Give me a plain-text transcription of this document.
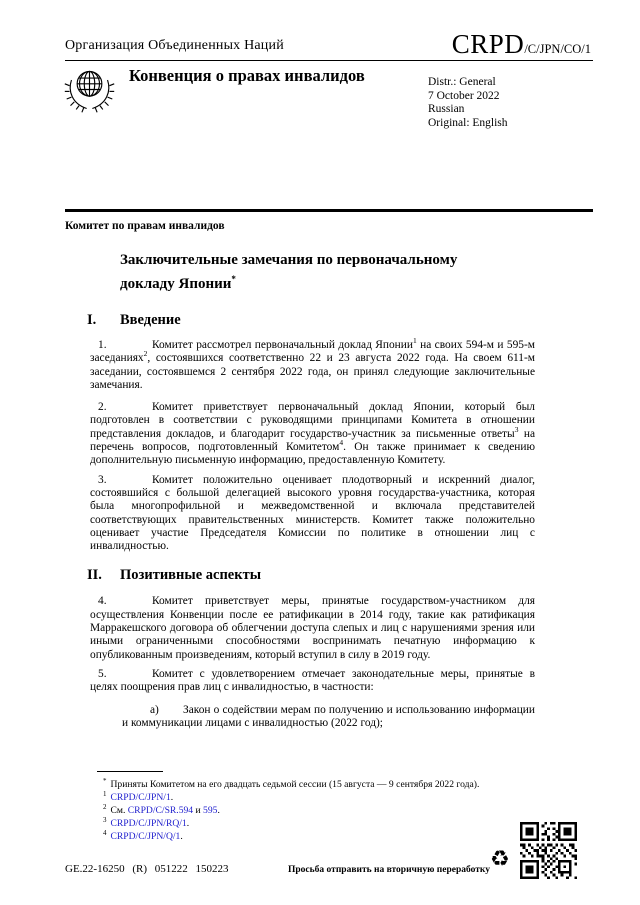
Организация Объединенных Наций	CRPD/C/JPN/CO/1
Конвенция о правах инвалидов	Distr.: General
7 October 2022
Russian
Original: English
Комитет по правам инвалидов
Заключительные замечания по первоначальному докладу Японии*
I.	Введение

1.	Комитет рассмотрел первоначальный доклад Японии$^1$ на своих 594-м и 595-м заседаниях$^2$, состоявшихся соответственно 22 и 23 августа 2022 года. На своем 611-м заседании, состоявшемся 2 сентября 2022 года, он принял следующие заключительные замечания.

2.	Комитет приветствует первоначальный доклад Японии, который был подготовлен в соответствии с руководящими принципами Комитета в отношении представления докладов, и благодарит государство-участник за письменные ответы$^3$ на перечень вопросов, подготовленный Комитетом$^4$. Он также принимает к сведению дополнительную письменную информацию, предоставленную Комитету.

3.	Комитет положительно оценивает плодотворный и искренний диалог, состоявшийся с большой делегацией высокого уровня государства-участника, которая была многопрофильной и межведомственной и включала представителей соответствующих правительственных министерств. Комитет также положительно оценивает участие Председателя Комиссии по политике в отношении лиц с инвалидностью.

II.	Позитивные аспекты

4.	Комитет приветствует меры, принятые государством-участником для осуществления Конвенции после ее ратификации в 2014 году, такие как ратификация Марракешского договора об облегчении доступа слепых и лиц с нарушениями зрения или иными ограниченными способностями воспринимать печатную информацию к опубликованным произведениям, который вступил в силу в 2019 году.

5.	Комитет с удовлетворением отмечает законодательные меры, принятые в целях поощрения прав лиц с инвалидностью, в частности:

а) Закон о содействии мерам по получению и использованию информации и коммуникации лицами с инвалидностью (2022 год);

* Приняты Комитетом на его двадцать седьмой сессии (15 августа — 9 сентября 2022 года).
$^1$ CRPD/C/JPN/1.
$^2$ См. CRPD/C/SR.594 и 595.
$^3$ CRPD/C/JPN/RQ/1.
$^4$ CRPD/C/JPN/Q/1.
GE.22-16250 (R) 051222 150223	Просьба отправить на вторичную переработку ♻
